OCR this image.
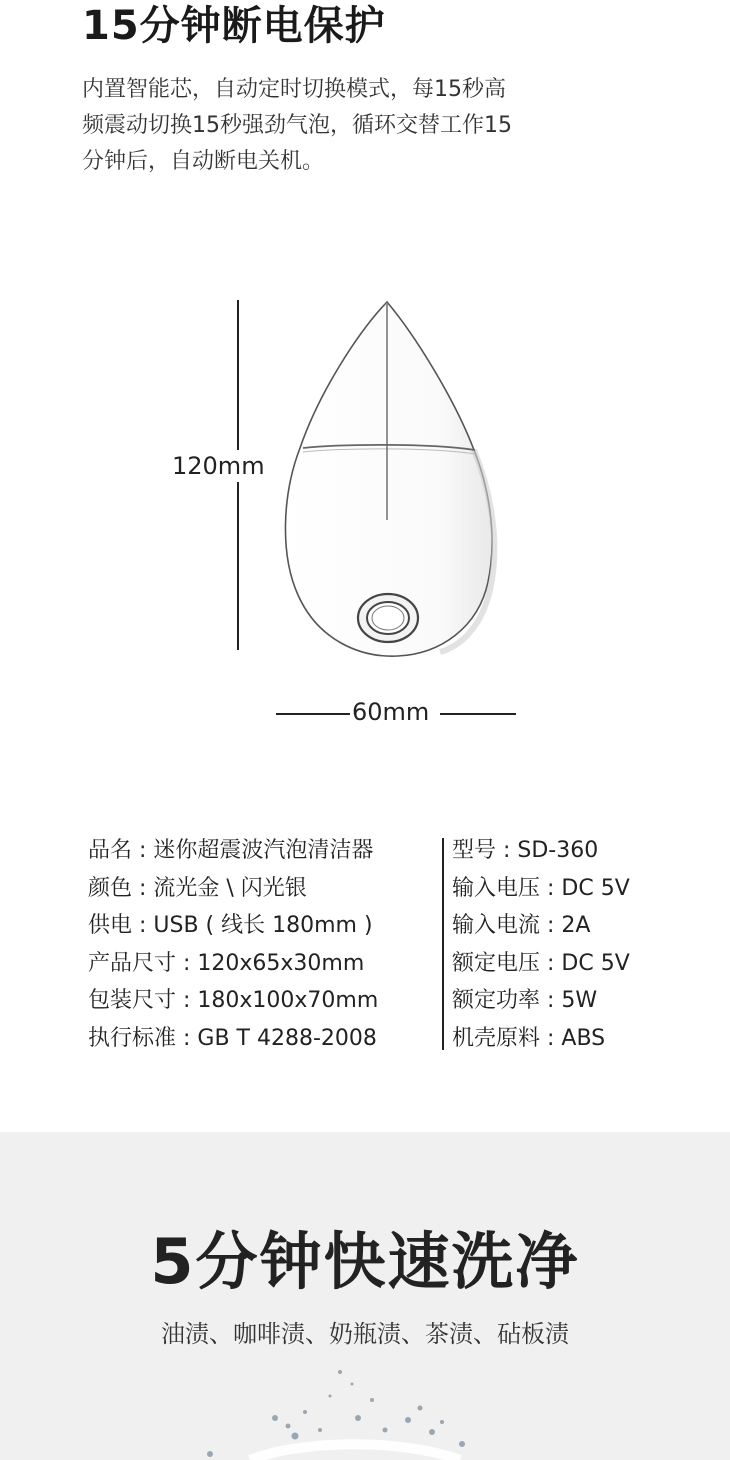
15分钟断电保护
内置智能芯，自动定时切换模式，每15秒高
频震动切换15秒强劲气泡，循环交替工作15
分钟后，自动断电关机。
120mm
60mm
品名 : 迷你超震波汽泡清洁器
颜色 : 流光金 \ 闪光银
供电 : USB ( 线长 180mm )
产品尺寸 : 120x65x30mm
包装尺寸 : 180x100x70mm
执行标准 : GB T 4288-2008
型号 : SD-360
输入电压 : DC 5V
输入电流 : 2A
额定电压 : DC 5V
额定功率 : 5W
机壳原料 : ABS
5分钟快速洗净
油渍、咖啡渍、奶瓶渍、茶渍、砧板渍
